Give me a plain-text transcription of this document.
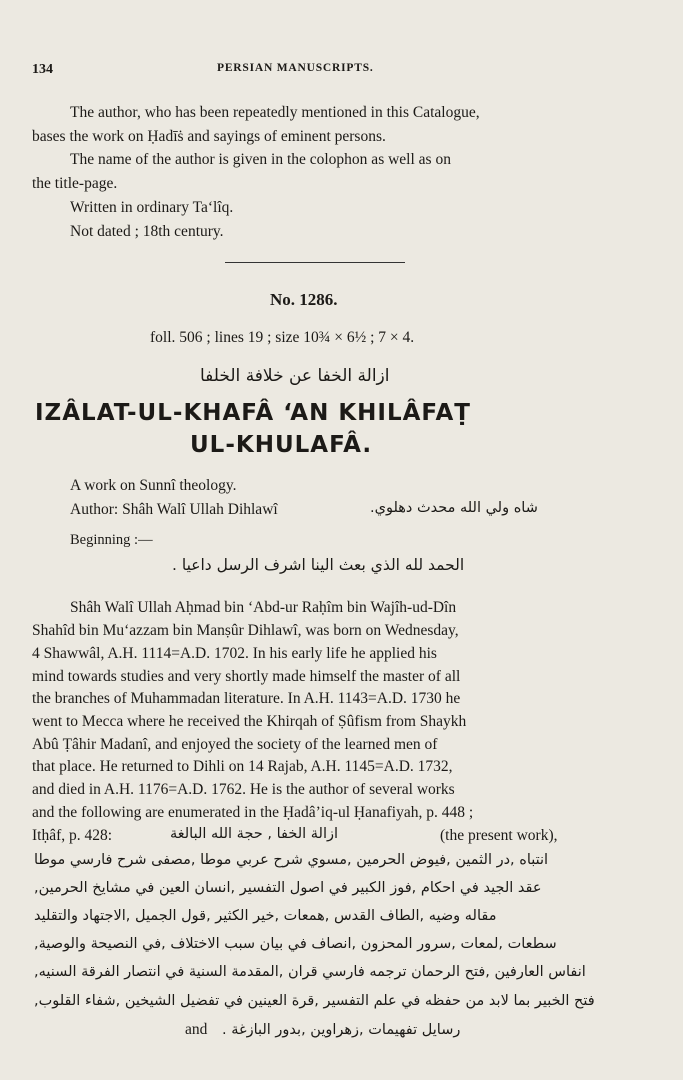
134	PERSIAN MANUSCRIPTS.
The author, who has been repeatedly mentioned in this Catalogue,
bases the work on Ḥadīṡ and sayings of eminent persons.
The name of the author is given in the colophon as well as on
the title-page.
Written in ordinary Ta‘lîq.
Not dated ; 18th century.
No. 1286.
foll. 506 ; lines 19 ; size 10¾ × 6½ ; 7 × 4.
ازالة الخفا عن خلافة الخلفا
IZÂLAT-UL-KHAFÂ ‘AN KHILÂFAṬ
UL-KHULAFÂ.
A work on Sunnî theology.
Author: Shâh Walî Ullah Dihlawî	شاه ولي الله محدث دهلوي.
Beginning :—
الحمد لله الذي بعث الينا اشرف الرسل داعيا .
Shâh Walî Ullah Aḥmad bin ‘Abd-ur Raḥîm bin Wajîh-ud-Dîn
Shahîd bin Mu‘azzam bin Manṣûr Dihlawî, was born on Wednesday,
4 Shawwâl, A.H. 1114=A.D. 1702. In his early life he applied his
mind towards studies and very shortly made himself the master of all
the branches of Muhammadan literature. In A.H. 1143=A.D. 1730 he
went to Mecca where he received the Khirqah of Ṣûfism from Shaykh
Abû Ṭâhir Madanî, and enjoyed the society of the learned men of
that place. He returned to Dihli on 14 Rajab, A.H. 1145=A.D. 1732,
and died in A.H. 1176=A.D. 1762. He is the author of several works
and the following are enumerated in the Ḥadâ’iq-ul Ḥanafiyah, p. 448 ;
Itḥâf, p. 428:	ازالة الخفا , حجة الله البالغة	(the present work),
انتباه ,در الثمين ,فيوض الحرمين ,مسوي شرح عربي موطا ,مصفى شرح فارسي موطا
عقد الجيد في احكام ,فوز الكبير في اصول التفسير ,انسان العين في مشايخ الحرمين,
مقاله وضيه ,الطاف القدس ,همعات ,خير الكثير ,قول الجميل ,الاجتهاد والتقليد
سطعات ,لمعات ,سرور المحزون ,انصاف في بيان سبب الاختلاف ,في النصيحة والوصية,
انفاس العارفين ,فتح الرحمان ترجمه فارسي قران ,المقدمة السنية في انتصار الفرقة السنيه,
فتح الخبير بما لابد من حفظه في علم التفسير ,قرة العينين في تفضيل الشيخين ,شفاء القلوب,
رسايل تفهيمات ,زهراوين ,بدور البازغة .
and
